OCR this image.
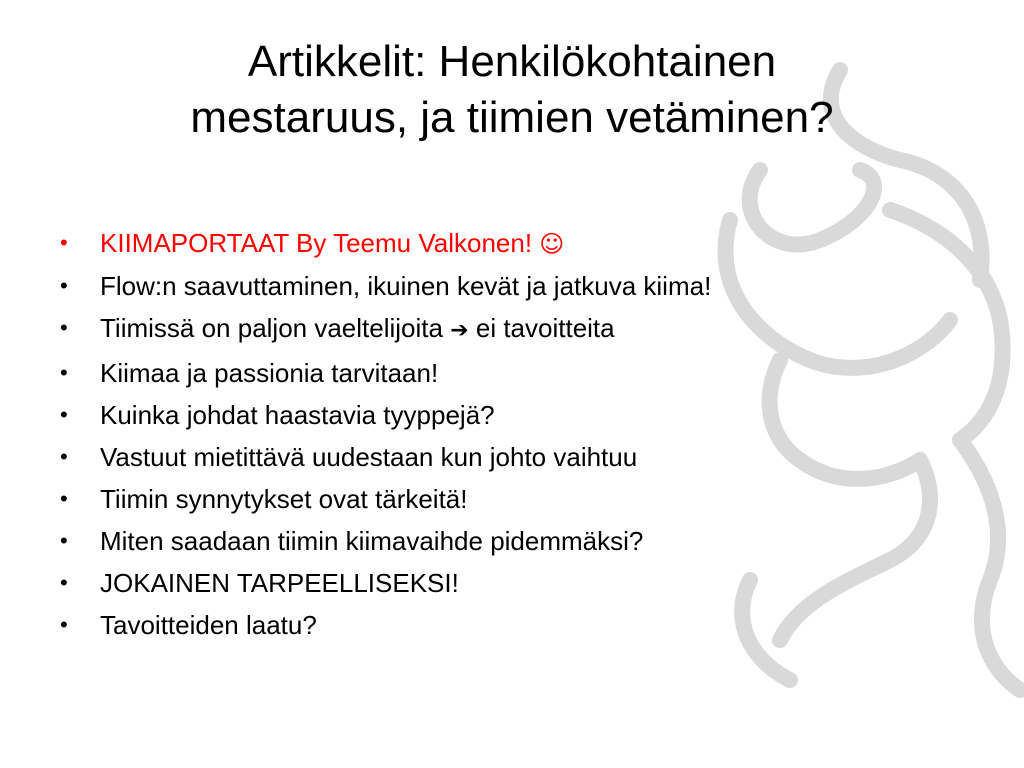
Artikkelit: Henkilökohtainen
mestaruus, ja tiimien vetäminen?
• KIIMAPORTAAT By Teemu Valkonen! ☺
• Flow:n saavuttaminen, ikuinen kevät ja jatkuva kiima!
• Tiimissä on paljon vaeltelijoita ➔ ei tavoitteita
• Kiimaa ja passionia tarvitaan!
• Kuinka johdat haastavia tyyppejä?
• Vastuut mietittävä uudestaan kun johto vaihtuu
• Tiimin synnytykset ovat tärkeitä!
• Miten saadaan tiimin kiimavaihde pidemmäksi?
• JOKAINEN TARPEELLISEKSI!
• Tavoitteiden laatu?
